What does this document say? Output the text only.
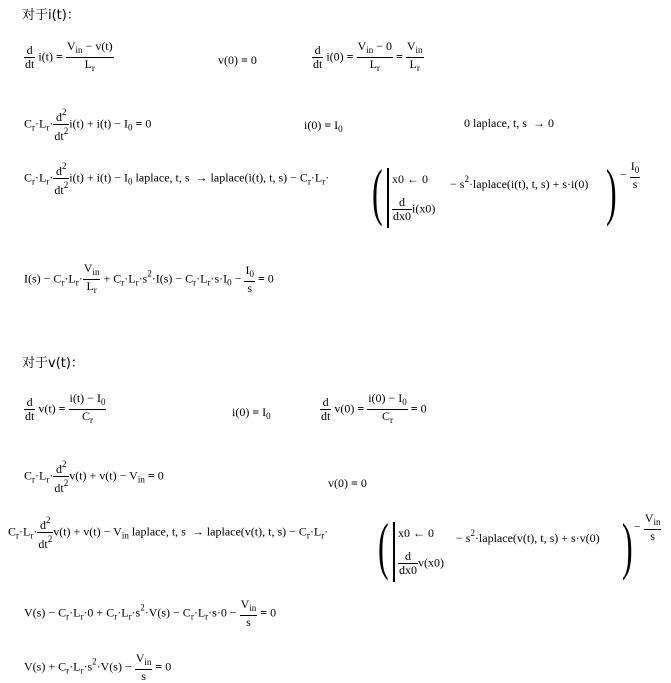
对于i(t)：
$\frac{d}{dt} i(t) = \frac{V_{in} - v(t)}{L_r}$	v(0) = 0	$\frac{d}{dt} i(0) = \frac{V_{in} - 0}{L_r} = \frac{V_{in}}{L_r}$
$C_r\cdot L_r\cdot \frac{d^2}{dt^2} i(t) + i(t) - I_0 = 0$	$i(0) = I_0$	0 laplace, t, s → 0
$C_r\cdot L_r\cdot \frac{d^2}{dt^2} i(t) + i(t) - I_0$ laplace, t, s → laplace(i(t), t, $s) - C_r\cdot L_r\cdot$ ( x0 ← 0
$\frac{d}{dx0} i(x0)$
− $s^2\cdot laplace(i(t)$, t, s) + s·i(0) ) − $\frac{I_0}{s}$
$I(s) - C_r\cdot L_r\cdot \frac{V_{in}}{L_r} + C_r\cdot L_r\cdot s^2\cdot I(s) - C_r\cdot L_r\cdot s\cdot I_0 - \frac{I_0}{s} = 0$
对于v(t)：
$\frac{d}{dt} v(t) = \frac{i(t) - I_0}{C_r}$	$i(0) = I_0$	$\frac{d}{dt} v(0) = \frac{i(0) - I_0}{C_r} = 0$
$C_r\cdot L_r\cdot \frac{d^2}{dt^2} v(t) + v(t) - V_{in} = 0$
v(0) = 0
$C_r\cdot L_r\cdot \frac{d^2}{dt^2} v(t) + v(t) - V_{in}$ laplace, t, s → laplace(v(t), t, $s) - C_r\cdot L_r\cdot$ ( x0 ← 0
$\frac{d}{dx0} v(x0)$
− $s^2\cdot laplace(v(t)$, t, s) + s·v(0) ) − $\frac{V_{in}}{s}$
$V(s) - C_r\cdot L_r\cdot 0 + C_r\cdot L_r\cdot s^2\cdot V(s) - C_r\cdot L_r\cdot s\cdot 0 - \frac{V_{in}}{s} = 0$
$V(s) + C_r\cdot L_r\cdot s^2\cdot V(s) - \frac{V_{in}}{s} = 0$
